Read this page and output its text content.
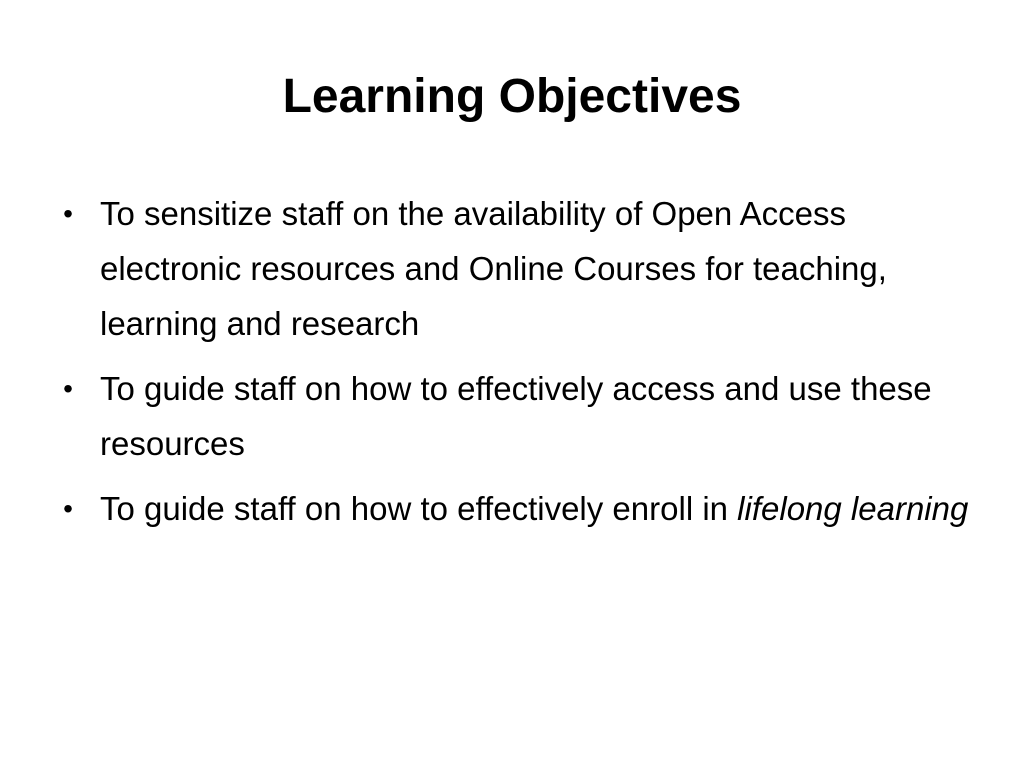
Learning Objectives
• To sensitize staff on the availability of Open Access electronic resources and Online Courses for teaching, learning and research
• To guide staff on how to effectively access and use these resources
• To guide staff on how to effectively enroll in lifelong learning
